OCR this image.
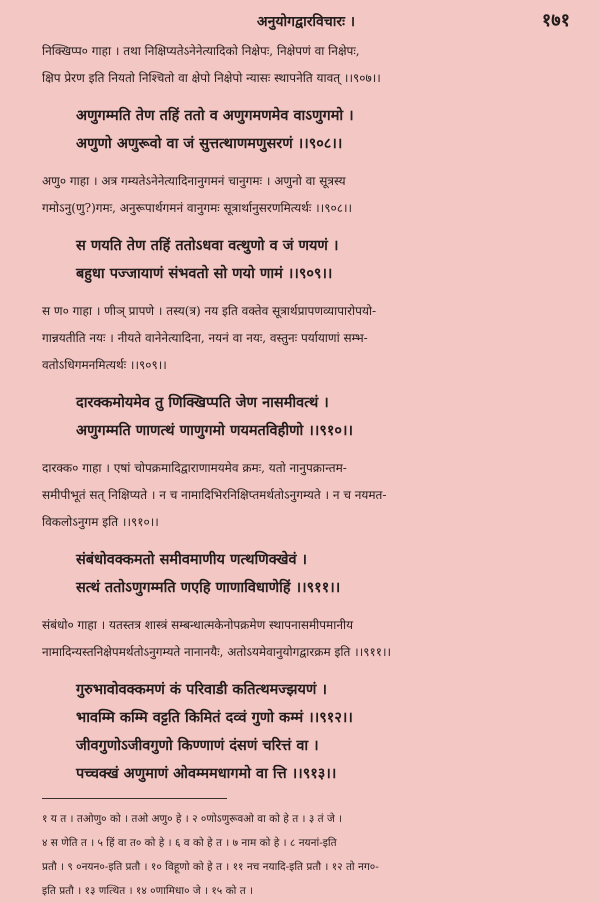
अनुयोगद्वारविचारः ।	१७१
निक्खिप्प० गाहा । तथा निक्षिप्यतेऽनेनेत्यादिको निक्षेपः, निक्षेपणं वा निक्षेपः,
क्षिप प्रेरण इति नियतो निश्चितो वा क्षेपो निक्षेपो न्यासः स्थापनेति यावत् ।।९०७।।
अणुगम्मति तेण तहिं ततो व अणुगमणमेव वाऽणुगमो ।
अणुणो अणुरूवो वा जं सुत्तत्थाणमणुसरणं ।।९०८।।
अणु० गाहा । अत्र गम्यतेऽनेनेत्यादिनानुगमनं चानुगमः । अणुनो वा सूत्रस्य
गमोऽनु(णु?)गमः, अनुरूपार्थगमनं वानुगमः सूत्रार्थानुसरणमित्यर्थः ।।९०८।।
स णयति तेण तहिं ततोऽधवा वत्थुणो व जं णयणं ।
बहुधा पज्जायाणं संभवतो सो णयो णामं ।।९०९।।
स ण० गाहा । णीञ् प्रापणे । तस्य(त्र) नय इति वक्तेव सूत्रार्थप्रापणव्यापारोपयो-
गान्नयतीति नयः । नीयते वानेनेत्यादिना, नयनं वा नयः, वस्तुनः पर्यायाणां सम्भ-
वतोऽधिगमनमित्यर्थः ।।९०९।।
दारक्कमोयमेव तु णिक्खिप्पति जेण नासमीवत्थं ।
अणुगम्मति णाणत्थं णाणुगमो णयमतविहीणो ।।९१०।।
दारक्क० गाहा । एषां चोपक्रमादिद्वाराणामयमेव क्रमः, यतो नानुपक्रान्तम-
समीपीभूतं सत् निक्षिप्यते । न च नामादिभिरनिक्षिप्तमर्थतोऽनुगम्यते । न च नयमत-
विकलोऽनुगम इति ।।९१०।।
संबंधोवक्कमतो समीवमाणीय णत्थणिक्खेवं ।
सत्थं ततोऽणुगम्मति णएहि णाणाविधाणेहिं ।।९११।।
संबंधो० गाहा । यतस्तत्र शास्त्रं सम्बन्धात्मकेनोपक्रमेण स्थापनासमीपमानीय
नामादिन्यस्तनिक्षेपमर्थतोऽनुगम्यते नानानयैः, अतोऽयमेवानुयोगद्वारक्रम इति ।।९११।।
गुरुभावोवक्कमणं कं परिवाडी कतित्थमज्झयणं ।
भावम्मि कम्मि वट्टति किमितं दव्वं गुणो कम्मं ।।९१२।।
जीवगुणोऽजीवगुणो किण्णाणं दंसणं चरित्तं वा ।
पच्चक्खं अणुमाणं ओवम्ममधागमो वा त्ति ।।९१३।।
१ य त । तओणु० को । तओ अणु० हे । २ ०णोऽणुरूवओ वा को हे त । ३ तं जे ।
४ स णेति त । ५ हिं वा त० को हे । ६ व को हे त । ७ नाम को हे । ८ नयनां-इति
प्रतौ । ९ ०नयन०-इति प्रतौ । १० विहूणो को हे त । ११ नच नयादि-इति प्रतौ । १२ तो नग०-
इति प्रतौ । १३ णत्थित । १४ ०णामिधा० जे । १५ को त ।
